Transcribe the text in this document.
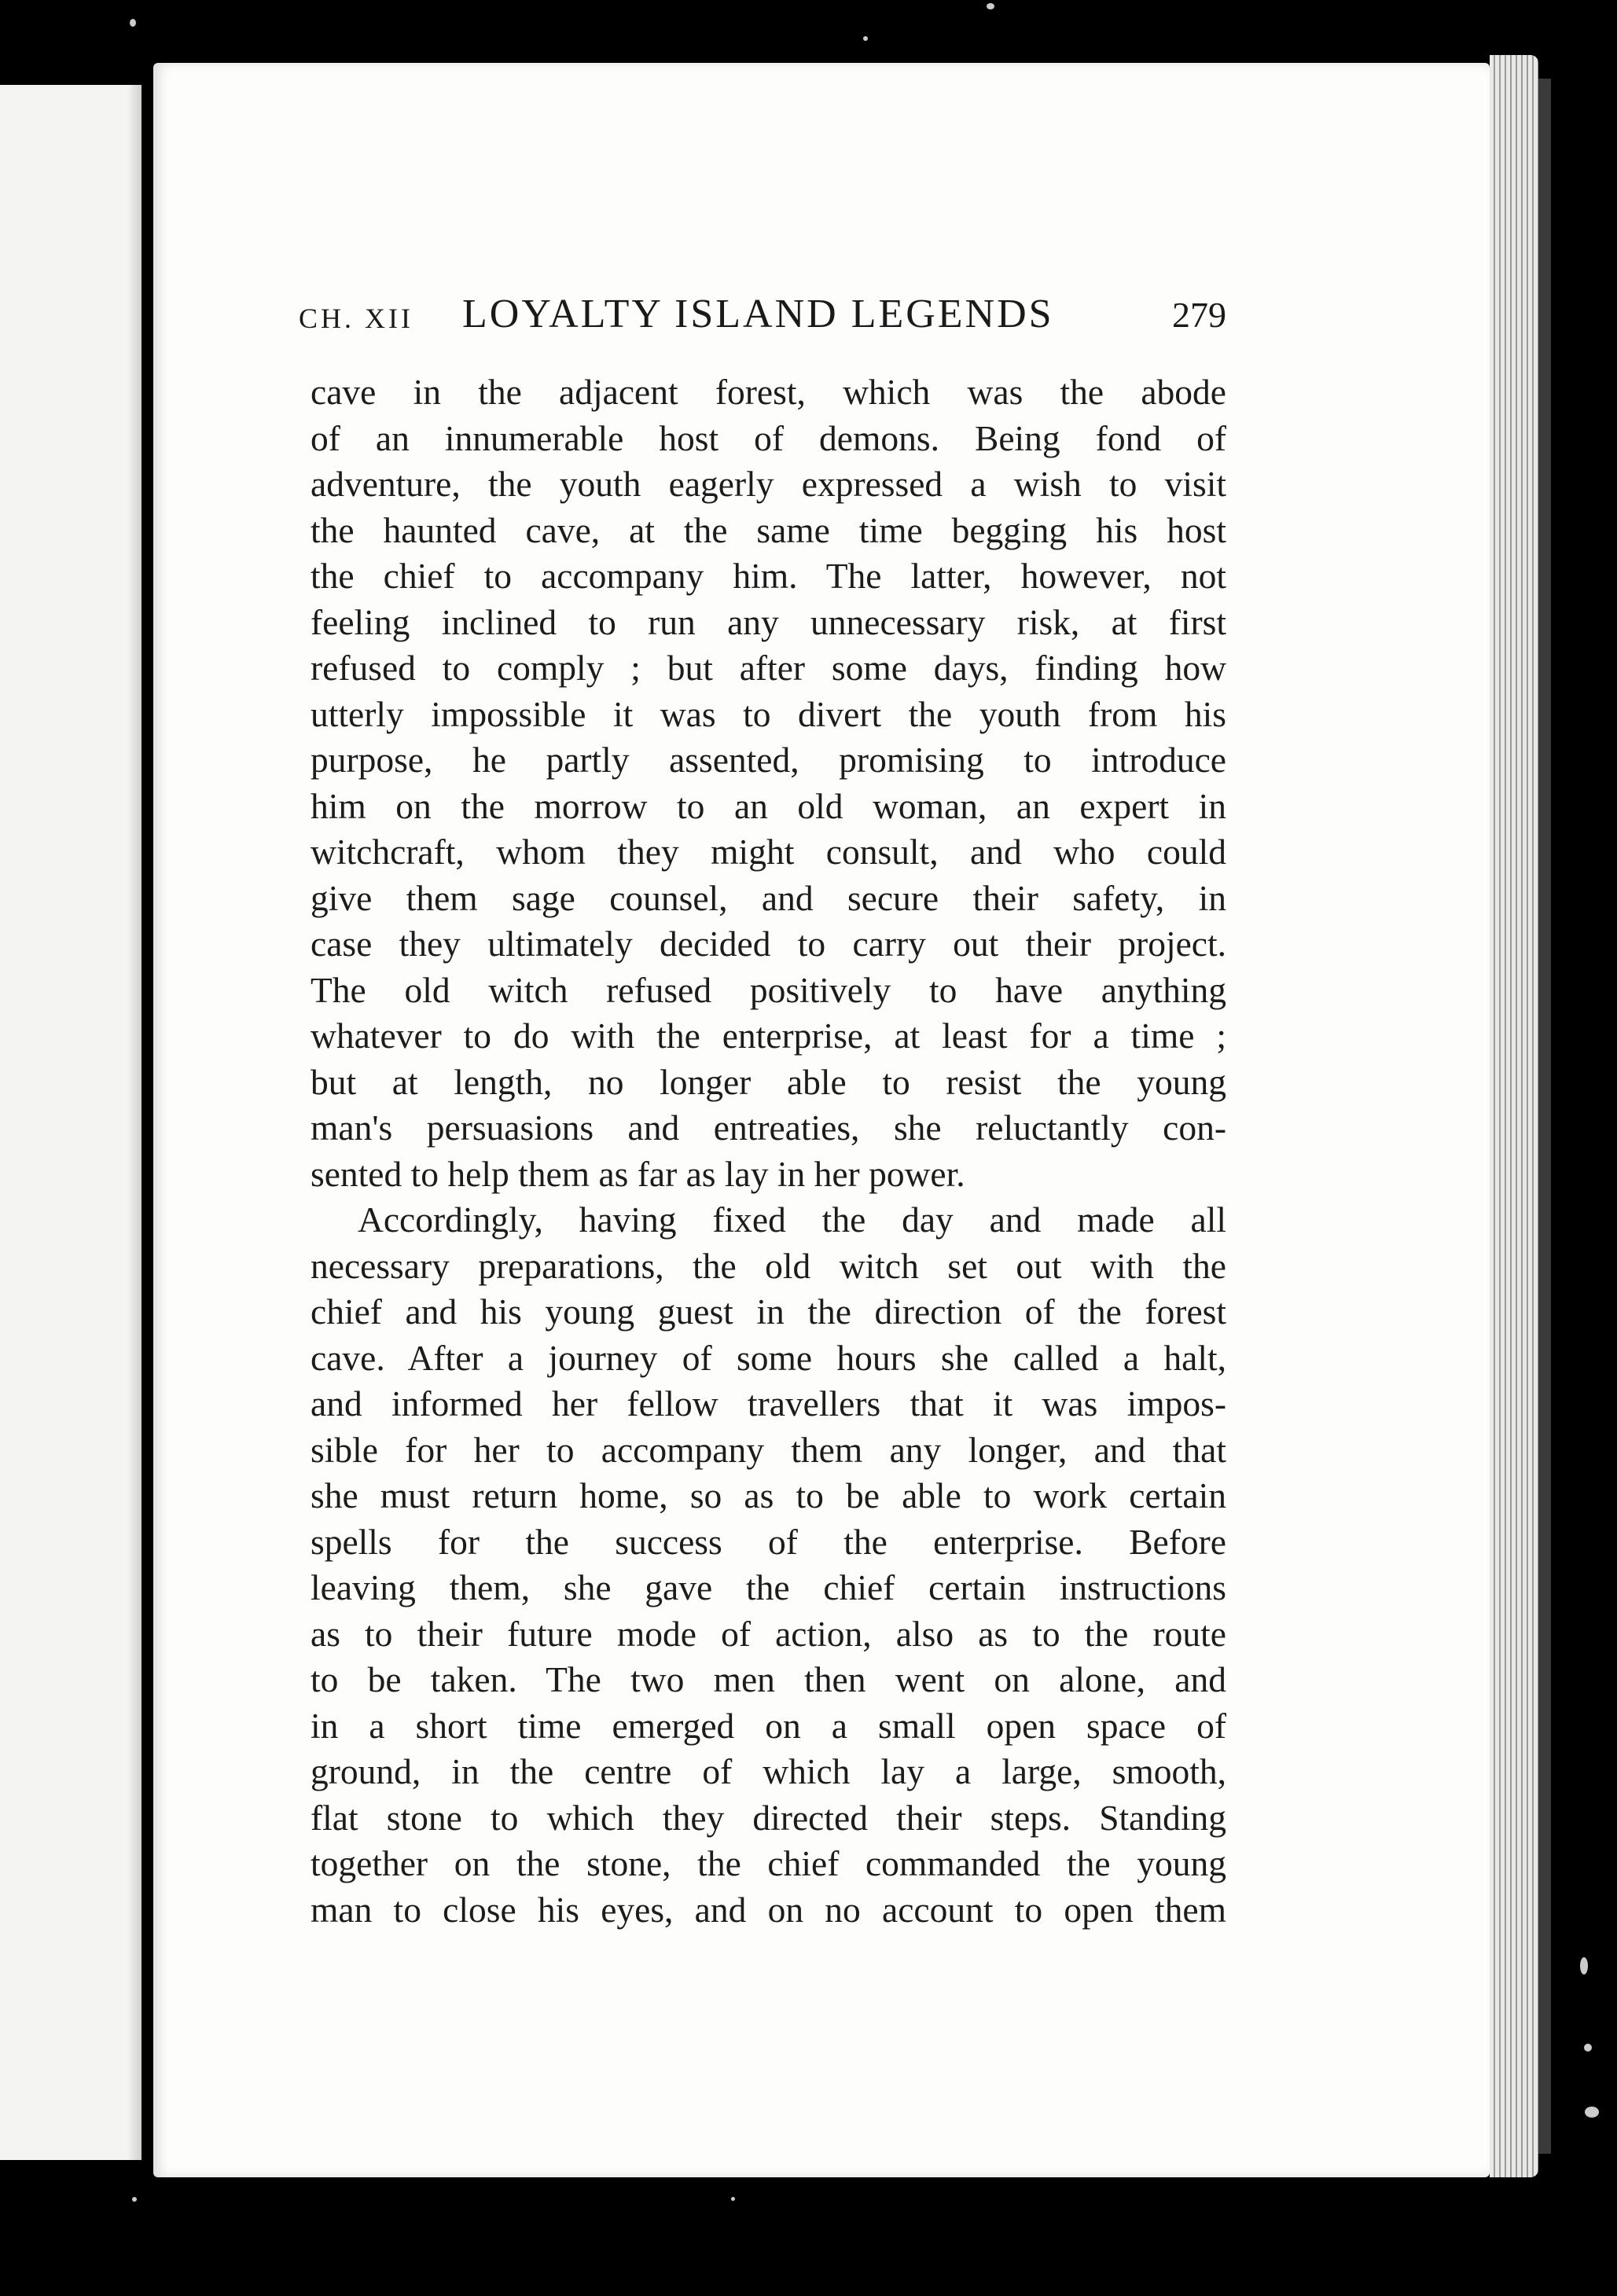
CH. XII LOYALTY ISLAND LEGENDS	279
cave in the adjacent forest, which was the abode
of an innumerable host of demons. Being fond of
adventure, the youth eagerly expressed a wish to visit
the haunted cave, at the same time begging his host
the chief to accompany him. The latter, however, not
feeling inclined to run any unnecessary risk, at first
refused to comply ; but after some days, finding how
utterly impossible it was to divert the youth from his
purpose, he partly assented, promising to introduce
him on the morrow to an old woman, an expert in
witchcraft, whom they might consult, and who could
give them sage counsel, and secure their safety, in
case they ultimately decided to carry out their project.
The old witch refused positively to have anything
whatever to do with the enterprise, at least for a time ;
but at length, no longer able to resist the young
man's persuasions and entreaties, she reluctantly con-
sented to help them as far as lay in her power.
Accordingly, having fixed the day and made all
necessary preparations, the old witch set out with the
chief and his young guest in the direction of the forest
cave. After a journey of some hours she called a halt,
and informed her fellow travellers that it was impos-
sible for her to accompany them any longer, and that
she must return home, so as to be able to work certain
spells for the success of the enterprise. Before
leaving them, she gave the chief certain instructions
as to their future mode of action, also as to the route
to be taken. The two men then went on alone, and
in a short time emerged on a small open space of
ground, in the centre of which lay a large, smooth,
flat stone to which they directed their steps. Standing
together on the stone, the chief commanded the young
man to close his eyes, and on no account to open them
